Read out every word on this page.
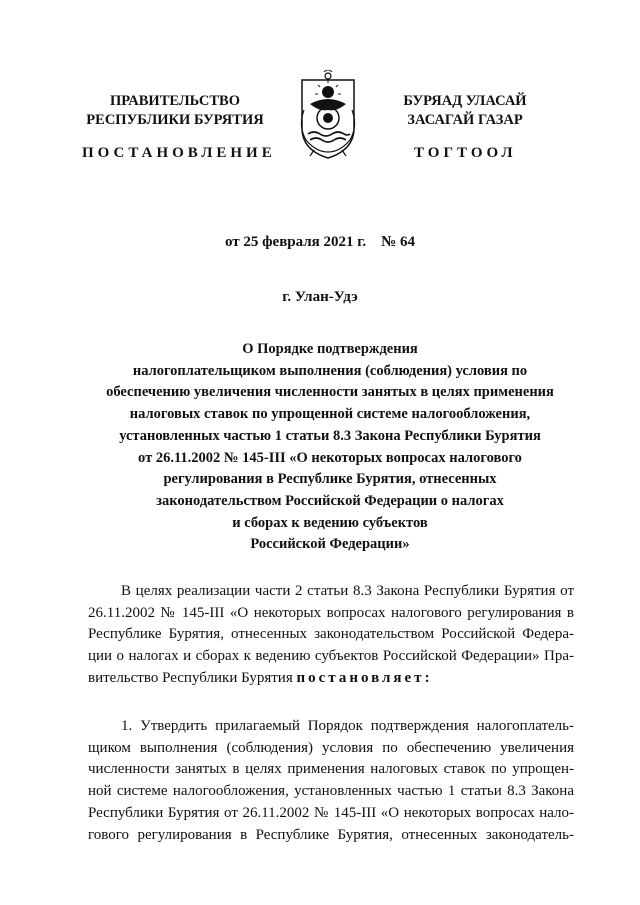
ПРАВИТЕЛЬСТВО
РЕСПУБЛИКИ БУРЯТИЯ
БУРЯАД УЛАСАЙ
ЗАСАГАЙ ГАЗАР
ПОСТАНОВЛЕНИЕ	ТОГТООЛ
от 25 февраля 2021 г.    № 64
г. Улан-Удэ
О Порядке подтверждения
налогоплательщиком выполнения (соблюдения) условия по
обеспечению увеличения численности занятых в целях применения
налоговых ставок по упрощенной системе налогообложения,
установленных частью 1 статьи 8.3 Закона Республики Бурятия
от 26.11.2002 № 145-III «О некоторых вопросах налогового
регулирования в Республике Бурятия, отнесенных
законодательством Российской Федерации о налогах
и сборах к ведению субъектов
Российской Федерации»
В целях реализации части 2 статьи 8.3 Закона Республики Бурятия от
26.11.2002 № 145-III «О некоторых вопросах налогового регулирования в
Республике Бурятия, отнесенных законодательством Российской Федера-
ции о налогах и сборах к ведению субъектов Российской Федерации» Пра-
вительство Республики Бурятия постановляет:
1. Утвердить прилагаемый Порядок подтверждения налогоплатель-
щиком выполнения (соблюдения) условия по обеспечению увеличения
численности занятых в целях применения налоговых ставок по упрощен-
ной системе налогообложения, установленных частью 1 статьи 8.3 Закона
Республики Бурятия от 26.11.2002 № 145-III «О некоторых вопросах нало-
гового регулирования в Республике Бурятия, отнесенных законодатель-
